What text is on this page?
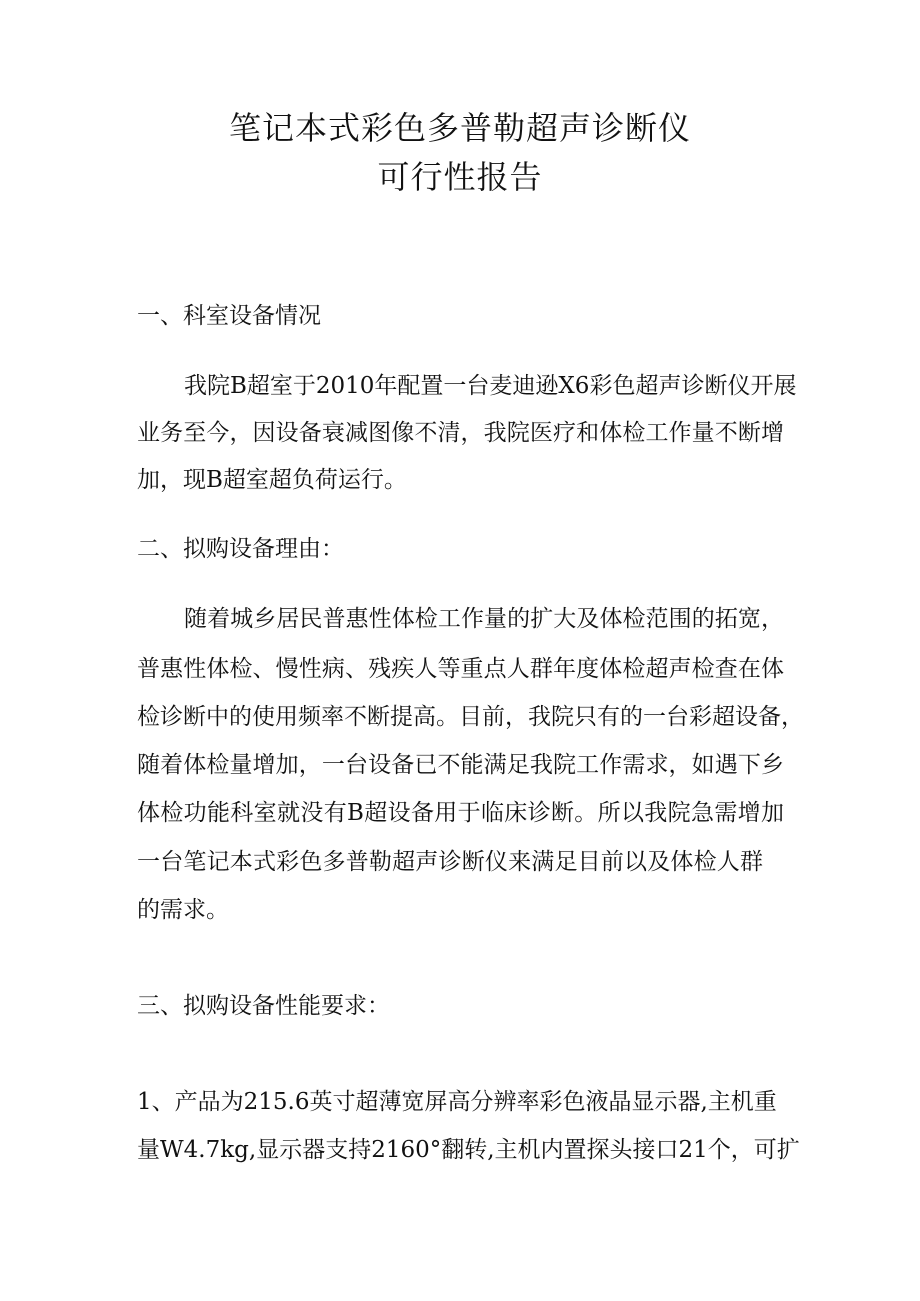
笔记本式彩色多普勒超声诊断仪
可行性报告
一、科室设备情况

我院B超室于2010年配置一台麦迪逊X6彩色超声诊断仪开展

业务至今，因设备衰减图像不清，我院医疗和体检工作量不断增

加，现B超室超负荷运行。

二、拟购设备理由：

随着城乡居民普惠性体检工作量的扩大及体检范围的拓宽，

普惠性体检、慢性病、残疾人等重点人群年度体检超声检查在体

检诊断中的使用频率不断提高。目前，我院只有的一台彩超设备，

随着体检量增加，一台设备已不能满足我院工作需求，如遇下乡

体检功能科室就没有B超设备用于临床诊断。所以我院急需增加

一台笔记本式彩色多普勒超声诊断仪来满足目前以及体检人群

的需求。

三、拟购设备性能要求：

1、产品为215.6英寸超薄宽屏高分辨率彩色液晶显示器,主机重

量W4.7kg,显示器支持2160°翻转,主机内置探头接口21个，可扩
